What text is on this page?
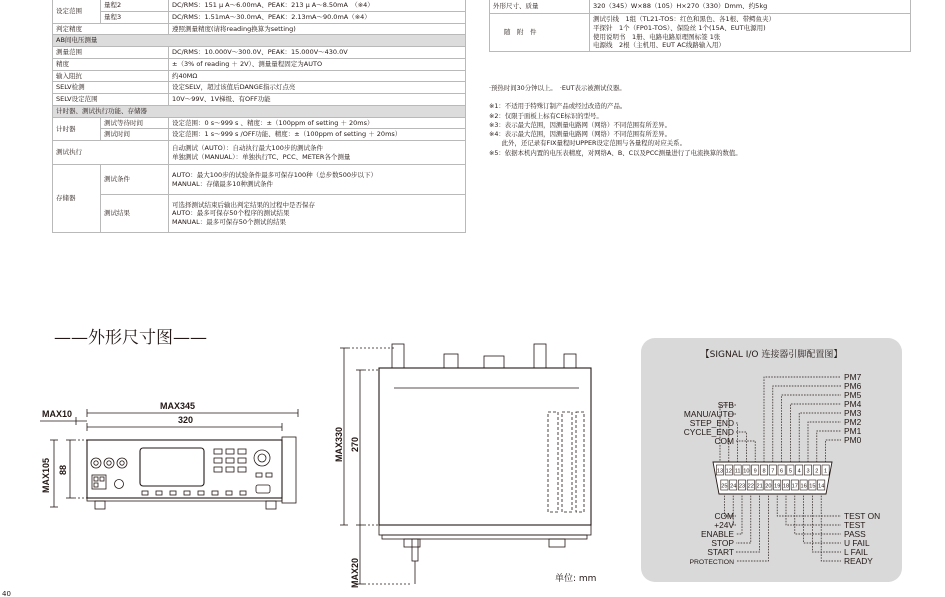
设定范围	量程2	DC/RMS：151 μ A～6.00mA、PEAK：213 μ A～8.50mA　（※4）
	量程3	DC/RMS：1.51mA～30.0mA、PEAK：2.13mA～90.0mA（※4）
判定精度		遵照测量精度(请将reading换算为setting)
AB间电压测量		
测量范围		DC/RMS：10.000V～300.0V、PEAK：15.000V～430.0V
精度		±（3% of reading ＋ 2V）、测量量程固定为AUTO
输入阻抗		约40MΩ
SELV检测		设定SELV，超过该值后DANGE指示灯点亮
SELV设定范围		10V～99V、1V梯级、有OFF功能
计时器、测试执行功能、存储器		
计时器	测试等待时间	设定范围：0 s～999 s 、精度：±（100ppm of setting ＋ 20ms）
	测试时间	设定范围：1 s～999 s /OFF功能、精度：±（100ppm of setting ＋ 20ms）
测试执行		自动测试（AUTO）：自动执行最大100步的测试条件
单独测试（MANUAL）：单独执行TC、PCC、METER各个测量

存储器	测试条件	AUTO：最大100步的试验条件最多可保存100种（总步数500步以下）
MANUAL：存储最多10种测试条件

	测试结果	可选择测试结束后输出判定结果的过程中是否保存
AUTO：最多可保存50个程序的测试结果
MANUAL：最多可保存50个测试的结果
外形尺寸、质量	320（345）W×88（105）H×270（330）Dmm、约5kg
随　附　件	测试引线　1组（TL21-TOS：红色和黑色、各1根、带鳄鱼夹）
平探针　1个（FP01-TOS）、保险丝 1个(15A、EUT电源用)
使用说明书　1册、电路电路原理图标签 1张
电源线　2根（主机用、EUT AC线路输入用）
·预热时间30分钟以上。　·EUT表示被测试仪器。
※1：不适用于特殊订制产品或经过改造的产品。
※2：仅限于面板上标有CE标识的型号。
※3：表示最大范围，因测量电路网（网络）不同范围有所差异。
※4：表示最大范围，因测量电路网（网络）不同范围有所差异。
　　此外，还记录有FIX量程时UPPER设定范围与各量程的对应关系。
※5：依据本机内置的电压表精度，对网络A、B、C以及PCC测量进行了电流换算的数值。
——外形尺寸图——
MAX345
320
MAX10
MAX105 88
MAX330 270
MAX20	单位: mm
【SIGNAL I/O 连接器引脚配置图】
13 12 11 10 9 8 7 6 5 4 3 2 1
25 24 23 22 21 20 19 18 17 16 15 14
PM7
PM6
PM5
PM4
PM3
PM2
PM1
PM0
STB
MANU/AUTO
STEP_END
CYCLE_END
COM
COM
+24V
ENABLE
STOP
START
PROTECTION
TEST ON
TEST
PASS
U FAIL
L FAIL
READY
40
